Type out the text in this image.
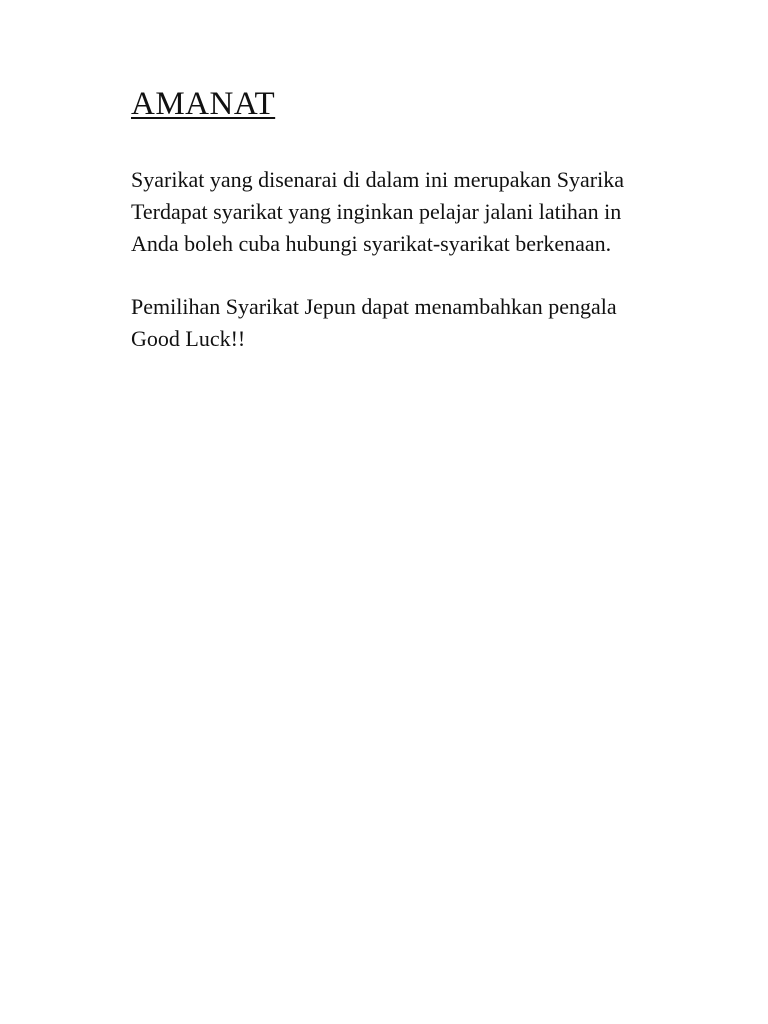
AMANAT
Syarikat yang disenarai di dalam ini merupakan Syarika
Terdapat syarikat yang inginkan pelajar jalani latihan in
Anda boleh cuba hubungi syarikat-syarikat berkenaan.
Pemilihan Syarikat Jepun dapat menambahkan pengala
Good Luck!!
